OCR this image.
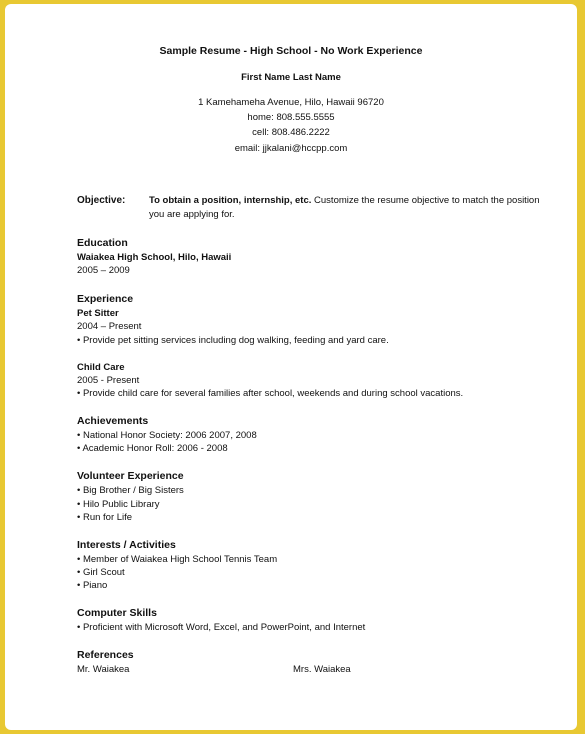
Sample Resume - High School - No Work Experience
First Name Last Name
1 Kamehameha Avenue, Hilo, Hawaii 96720
home: 808.555.5555
cell: 808.486.2222
email: jjkalani@hccpp.com
Objective: To obtain a position, internship, etc. Customize the resume objective to match the position you are applying for.
Education
Waiakea High School, Hilo, Hawaii
2005 – 2009
Experience
Pet Sitter
2004 – Present
• Provide pet sitting services including dog walking, feeding and yard care.
Child Care
2005 - Present
• Provide child care for several families after school, weekends and during school vacations.
Achievements
• National Honor Society: 2006 2007, 2008
• Academic Honor Roll: 2006 - 2008
Volunteer Experience
• Big Brother / Big Sisters
• Hilo Public Library
• Run for Life
Interests / Activities
• Member of Waiakea High School Tennis Team
• Girl Scout
• Piano
Computer Skills
• Proficient with Microsoft Word, Excel, and PowerPoint, and Internet
References
Mr. Waiakea	Mrs. Waiakea
